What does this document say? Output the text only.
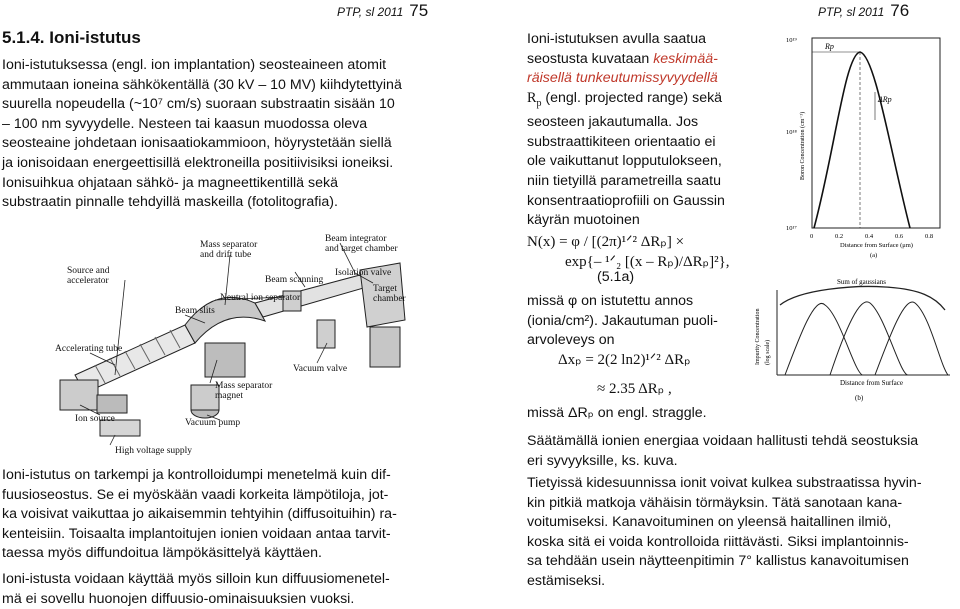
PTP, sl 2011 75
5.1.4. Ioni-istutus
Ioni-istutuksessa (engl. ion implantation) seosteaineen atomit
ammutaan ioneina sähkökentällä (30 kV – 10 MV) kiihdytettyinä
suurella nopeudella (~10⁷ cm/s) suoraan substraatin sisään 10
– 100 nm syvyydelle. Nesteen tai kaasun muodossa oleva
seosteaine johdetaan ionisaatiokammioon, höyrystetään siellä
ja ionisoidaan energeettisillä elektroneilla positiivisiksi ioneiksi.
Ionisuihkua ohjataan sähkö- ja magneettikentillä sekä
substraatin pinnalle tehdyillä maskeilla (fotolitografia).
Source and accelerator
Mass separator and drift tube
Beam integrator and target chamber
Beam scanning
Isolation valve
Target chamber
Neutral ion separator
Beam slits
Accelerating tube
Vacuum valve
Mass separator magnet
Ion source	Vacuum pump
High voltage supply
Ioni-istutus on tarkempi ja kontrolloidumpi menetelmä kuin dif-
fuusioseostus. Se ei myöskään vaadi korkeita lämpötiloja, jot-
ka voisivat vaikuttaa jo aikaisemmin tehtyihin (diffusoituihin) ra-
kenteisiin. Toisaalta implantoitujen ionien voidaan antaa tarvit-
taessa myös diffundoitua lämpökäsittelyä käyttäen.
Ioni-istusta voidaan käyttää myös silloin kun diffuusiomenetel-
mä ei sovellu huonojen diffuusio-ominaisuuksien vuoksi.
PTP, sl 2011 76
Ioni-istutuksen avulla saatua
seostusta kuvataan keskimää-
räisellä tunkeutumissyvyydellä
$R_p$ (engl. projected range) sekä
seosteen jakautumalla. Jos
substraattikiteen orientaatio ei
ole vaikuttanut lopputulokseen,
niin tietyillä parametreilla saatu
konsentraatioprofiili on Gaussin
käyrän muotoinen
Rp
ΔRp
10¹⁹
10¹⁸
10¹⁷
0	0.2	0.4	0.6	0.8
Distance from Surface (μm)
(a)
Boron Concentration (cm⁻³)
N(x) = φ / [(2π)¹ᐟ² ΔRₚ] ×
exp{– ¹ᐟ₂ [(x – Rₚ)/ΔRₚ]²},
(5.1a)	Sum of gaussians
Distance from Surface
(b)
Impurity Concentration (log scale)
missä φ on istutettu annos
(ionia/cm²). Jakautuman puoli-
arvoleveys on
Δxₚ = 2(2 ln2)¹ᐟ² ΔRₚ
≈ 2.35 ΔRₚ ,
missä ΔRₚ on engl. straggle.
Säätämällä ionien energiaa voidaan hallitusti tehdä seostuksia
eri syvyyksille, ks. kuva.
Tietyissä kidesuunnissa ionit voivat kulkea substraatissa hyvin-
kin pitkiä matkoja vähäisin törmäyksin. Tätä sanotaan kana-
voitumiseksi. Kanavoituminen on yleensä haitallinen ilmiö,
koska sitä ei voida kontrolloida riittävästi. Siksi implantoinnis-
sa tehdään usein näytteenpitimin 7° kallistus kanavoitumisen
estämiseksi.
